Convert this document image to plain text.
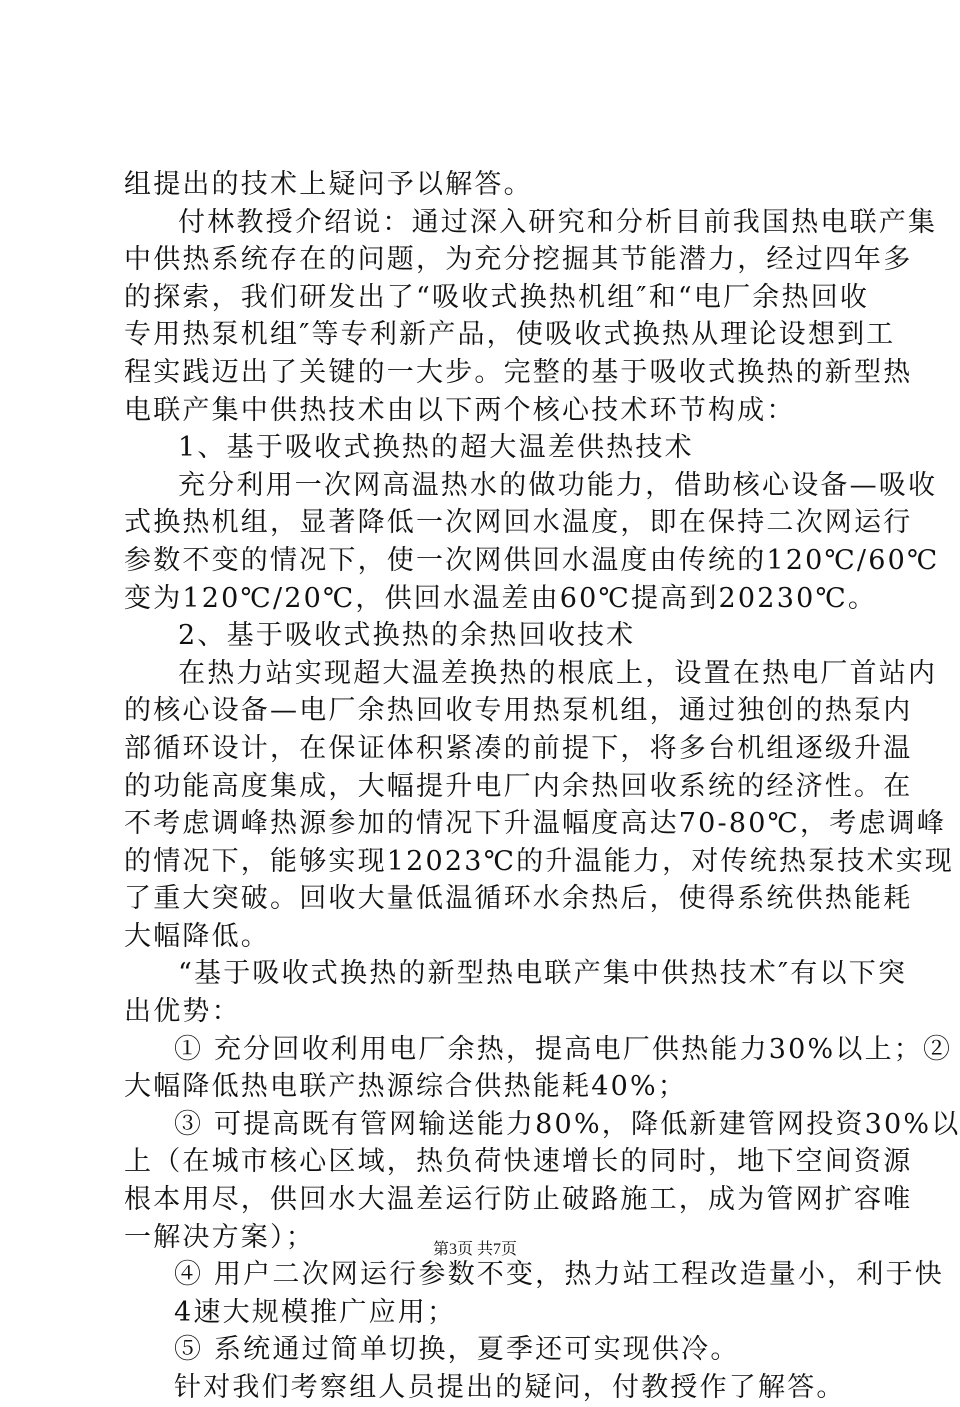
组提出的技术上疑问予以解答。
付林教授介绍说：通过深入研究和分析目前我国热电联产集
中供热系统存在的问题，为充分挖掘其节能潜力，经过四年多
的探索，我们研发出了“吸收式换热机组″和“电厂余热回收
专用热泵机组″等专利新产品，使吸收式换热从理论设想到工
程实践迈出了关键的一大步。完整的基于吸收式换热的新型热
电联产集中供热技术由以下两个核心技术环节构成：
1、基于吸收式换热的超大温差供热技术
充分利用一次网高温热水的做功能力，借助核心设备—吸收
式换热机组，显著降低一次网回水温度，即在保持二次网运行
参数不变的情况下，使一次网供回水温度由传统的120℃/60℃
变为120℃/20℃，供回水温差由60℃提高到20230℃。
2、基于吸收式换热的余热回收技术
在热力站实现超大温差换热的根底上，设置在热电厂首站内
的核心设备—电厂余热回收专用热泵机组，通过独创的热泵内
部循环设计，在保证体积紧凑的前提下，将多台机组逐级升温
的功能高度集成，大幅提升电厂内余热回收系统的经济性。在
不考虑调峰热源参加的情况下升温幅度高达70-80℃，考虑调峰
的情况下，能够实现12023℃的升温能力，对传统热泵技术实现
了重大突破。回收大量低温循环水余热后，使得系统供热能耗
大幅降低。
“基于吸收式换热的新型热电联产集中供热技术″有以下突
出优势：
① 充分回收利用电厂余热，提高电厂供热能力30%以上；②
大幅降低热电联产热源综合供热能耗40%；
③ 可提高既有管网输送能力80%，降低新建管网投资30%以
上（在城市核心区域，热负荷快速增长的同时，地下空间资源
根本用尽，供回水大温差运行防止破路施工，成为管网扩容唯
一解决方案）；
④ 用户二次网运行参数不变，热力站工程改造量小，利于快
4速大规模推广应用；
⑤ 系统通过简单切换，夏季还可实现供冷。
针对我们考察组人员提出的疑问，付教授作了解答。
第3页 共7页
